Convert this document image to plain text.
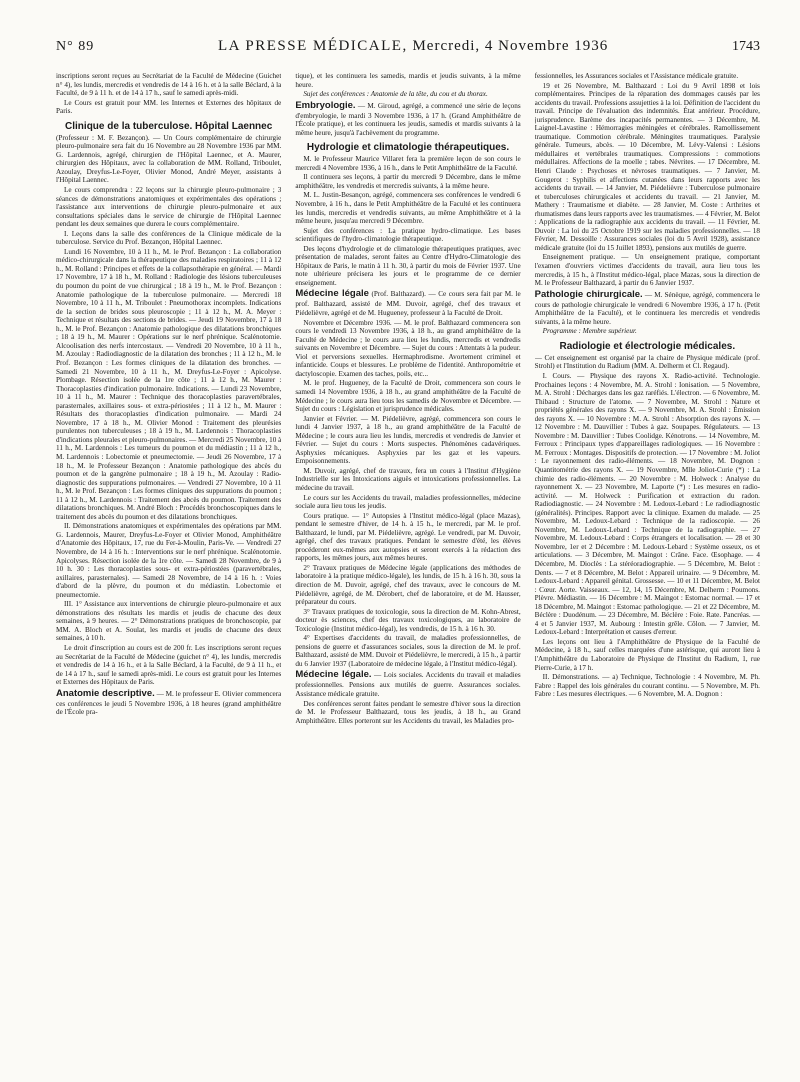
N° 89	LA PRESSE MÉDICALE, Mercredi, 4 Novembre 1936	1743

inscriptions seront reçues au Secrétariat de la Faculté de Médecine (Guichet n° 4), les lundis, mercredis et vendredis de 14 à 16 h. et à la salle Béclard, à la Faculté, de 9 à 11 h. et de 14 à 17 h., sauf le samedi après-midi.

Le Cours est gratuit pour MM. les Internes et Externes des hôpitaux de Paris.

Clinique de la tuberculose. Hôpital Laennec

(Professeur : M. F. Bezançon). — Un Cours complémentaire de chirurgie pleuro-pulmonaire sera fait du 16 Novembre au 28 Novembre 1936 par MM. G. Lardennois, agrégé, chirurgien de l'Hôpital Laennec, et A. Maurer, chirurgien des Hôpitaux, avec la collaboration de MM. Rolland, Triboulet, Azoulay, Dreyfus-Le-Foyer, Olivier Monod, André Meyer, assistants à l'Hôpital Laennec.

Le cours comprendra : 22 leçons sur la chirurgie pleuro-pulmonaire ; 3 séances de démonstrations anatomiques et expérimentales des opérations ; l'assistance aux interventions de chirurgie pleuro-pulmonaire et aux consultations spéciales dans le service de chirurgie de l'Hôpital Laennec pendant les deux semaines que durera le cours complémentaire.

I. Leçons dans la salle des conférences de la Clinique médicale de la tuberculose. Service du Prof. Bezançon, Hôpital Laennec.

Lundi 16 Novembre, 10 à 11 h., M. le Prof. Bezançon : La collaboration médico-chirurgicale dans la thérapeutique des maladies respiratoires ; 11 à 12 h., M. Rolland : Principes et effets de la collapsothérapie en général. — Mardi 17 Novembre, 17 à 18 h., M. Rolland : Radiologie des lésions tuberculeuses du poumon du point de vue chirurgical ; 18 à 19 h., M. le Prof. Bezançon : Anatomie pathologique de la tuberculose pulmonaire. — Mercredi 18 Novembre, 10 à 11 h., M. Triboulet : Pneumothorax incomplets. Indications de la section de brides sous pleuroscopie ; 11 à 12 h., M. A. Meyer : Technique et résultats des sections de brides. — Jeudi 19 Novembre, 17 à 18 h., M. le Prof. Bezançon : Anatomie pathologique des dilatations bronchiques ; 18 à 19 h., M. Maurer : Opérations sur le nerf phrénique. Scalénotomie. Alcoolisation des nerfs intercostaux. — Vendredi 20 Novembre, 10 à 11 h., M. Azoulay : Radiodiagnostic de la dilatation des bronches ; 11 à 12 h., M. le Prof. Bezançon : Les formes cliniques de la dilatation des bronches. — Samedi 21 Novembre, 10 à 11 h., M. Dreyfus-Le-Foyer : Apicolyse. Plombage. Résection isolée de la 1re côte ; 11 à 12 h., M. Maurer : Thoracoplasties d'indication pulmonaire. Indications. — Lundi 23 Novembre, 10 à 11 h., M. Maurer : Technique des thoracoplasties paravertébrales, parasternales, axillaires sous- et extra-périostées ; 11 à 12 h., M. Maurer : Résultats des thoracoplasties d'indication pulmonaire. — Mardi 24 Novembre, 17 à 18 h., M. Olivier Monod : Traitement des pleurésies purulentes non tuberculeuses ; 18 à 19 h., M. Lardennois : Thoracoplasties d'indications pleurales et pleuro-pulmonaires. — Mercredi 25 Novembre, 10 à 11 h., M. Lardennois : Les tumeurs du poumon et du médiastin ; 11 à 12 h., M. Lardennois : Lobectomie et pneumectomie. — Jeudi 26 Novembre, 17 à 18 h., M. le Professeur Bezançon : Anatomie pathologique des abcès du poumon et de la gangrène pulmonaire ; 18 à 19 h., M. Azoulay : Radio-diagnostic des suppurations pulmonaires. — Vendredi 27 Novembre, 10 à 11 h., M. le Prof. Bezançon : Les formes cliniques des suppurations du poumon ; 11 à 12 h., M. Lardennois : Traitement des abcès du poumon. Traitement des dilatations bronchiques. M. André Bloch : Procédés bronchoscopiques dans le traitement des abcès du poumon et des dilatations bronchiques.

II. Démonstrations anatomiques et expérimentales des opérations par MM. G. Lardennois, Maurer, Dreyfus-Le-Foyer et Olivier Monod, Amphithéâtre d'Anatomie des Hôpitaux, 17, rue du Fer-à-Moulin, Paris-Ve. — Vendredi 27 Novembre, de 14 à 16 h. : Interventions sur le nerf phrénique. Scalénotomie. Apicolyses. Résection isolée de la 1re côte. — Samedi 28 Novembre, de 9 à 10 h. 30 : Les thoracoplasties sous- et extra-périostées (paravertébrales, axillaires, parasternales). — Samedi 28 Novembre, de 14 à 16 h. : Voies d'abord de la plèvre, du poumon et du médiastin. Lobectomie et pneumectomie.

III. 1° Assistance aux interventions de chirurgie pleuro-pulmonaire et aux démonstrations des résultats les mardis et jeudis de chacune des deux semaines, à 9 heures. — 2° Démonstrations pratiques de bronchoscopie, par MM. A. Bloch et A. Soulat, les mardis et jeudis de chacune des deux semaines, à 10 h.

Le droit d'inscription au cours est de 200 fr. Les inscriptions seront reçues au Secrétariat de la Faculté de Médecine (guichet n° 4), les lundis, mercredis et vendredis de 14 à 16 h., et à la Salle Béclard, à la Faculté, de 9 à 11 h., et de 14 à 17 h., sauf le samedi après-midi. Le cours est gratuit pour les Internes et Externes des Hôpitaux de Paris.

Anatomie descriptive. — M. le professeur E. Olivier commencera ces conférences le jeudi 5 Novembre 1936, à 18 heures (grand amphithéâtre de l'École pra-

tique), et les continuera les samedis, mardis et jeudis suivants, à la même heure.

Sujet des conférences : Anatomie de la tête, du cou et du thorax.

Embryologie. — M. Giroud, agrégé, a commencé une série de leçons d'embryologie, le mardi 3 Novembre 1936, à 17 h. (Grand Amphithéâtre de l'École pratique), et les continuera les jeudis, samedis et mardis suivants à la même heure, jusqu'à l'achèvement du programme.

Hydrologie et climatologie thérapeutiques.

M. le Professeur Maurice Villaret fera la première leçon de son cours le mercredi 4 Novembre 1936, à 16 h., dans le Petit Amphithéâtre de la Faculté.

Il continuera ses leçons, à partir du mercredi 9 Décembre, dans le même amphithéâtre, les vendredis et mercredis suivants, à la même heure.

M. L. Justin-Besançon, agrégé, commencera ses conférences le vendredi 6 Novembre, à 16 h., dans le Petit Amphithéâtre de la Faculté et les continuera les lundis, mercredis et vendredis suivants, au même Amphithéâtre et à la même heure, jusqu'au mercredi 9 Décembre.

Sujet des conférences : La pratique hydro-climatique. Les bases scientifiques de l'hydro-climatologie thérapeutique.

Des leçons d'hydrologie et de climatologie thérapeutiques pratiques, avec présentation de malades, seront faites au Centre d'Hydro-Climatologie des Hôpitaux de Paris, le matin à 11 h. 30, à partir du mois de Février 1937. Une note ultérieure précisera les jours et le programme de ce dernier enseignement.

Médecine légale (Prof. Balthazard). — Ce cours sera fait par M. le prof. Balthazard, assisté de MM. Duvoir, agrégé, chef des travaux et Piédelièvre, agrégé et de M. Hugueney, professeur à la Faculté de Droit.

Novembre et Décembre 1936. — M. le prof. Balthazard commencera son cours le vendredi 13 Novembre 1936, à 18 h., au grand amphithéâtre de la Faculté de Médecine ; le cours aura lieu les lundis, mercredis et vendredis suivants en Novembre et Décembre. — Sujet du cours : Attentats à la pudeur. Viol et perversions sexuelles. Hermaphrodisme. Avortement criminel et infanticide. Coups et blessures. Le problème de l'identité. Anthropométrie et dactyloscopie. Examen des taches, poils, etc...

M. le prof. Hugueney, de la Faculté de Droit, commencera son cours le samedi 14 Novembre 1936, à 18 h., au grand amphithéâtre de la Faculté de Médecine ; le cours aura lieu tous les samedis de Novembre et Décembre. — Sujet du cours : Législation et jurisprudence médicales.

Janvier et Février. — M. Piédelièvre, agrégé, commencera son cours le lundi 4 Janvier 1937, à 18 h., au grand amphithéâtre de la Faculté de Médecine ; le cours aura lieu les lundis, mercredis et vendredis de Janvier et Février. — Sujet du cours : Morts suspectes. Phénomènes cadavériques. Asphyxies mécaniques. Asphyxies par les gaz et les vapeurs. Empoisonnements.

M. Duvoir, agrégé, chef de travaux, fera un cours à l'Institut d'Hygiène Industrielle sur les Intoxications aiguës et intoxications professionnelles. La médecine du travail.

Le cours sur les Accidents du travail, maladies professionnelles, médecine sociale aura lieu tous les jeudis.

Cours pratique. — 1° Autopsies à l'Institut médico-légal (place Mazas), pendant le semestre d'hiver, de 14 h. à 15 h., le mercredi, par M. le prof. Balthazard, le lundi, par M. Piédelièvre, agrégé. Le vendredi, par M. Duvoir, agrégé, chef des travaux pratiques. Pendant le semestre d'été, les élèves procéderont eux-mêmes aux autopsies et seront exercés à la rédaction des rapports, les mêmes jours, aux mêmes heures.

2° Travaux pratiques de Médecine légale (applications des méthodes de laboratoire à la pratique médico-légale), les lundis, de 15 h. à 16 h. 30, sous la direction de M. Duvoir, agrégé, chef des travaux, avec le concours de M. Piédelièvre, agrégé, de M. Dérobert, chef de laboratoire, et de M. Hausser, préparateur du cours.

3° Travaux pratiques de toxicologie, sous la direction de M. Kohn-Abrest, docteur ès sciences, chef des travaux toxicologiques, au laboratoire de Toxicologie (Institut médico-légal), les vendredis, de 15 h. à 16 h. 30.

4° Expertises d'accidents du travail, de maladies professionnelles, de pensions de guerre et d'assurances sociales, sous la direction de M. le prof. Balthazard, assisté de MM. Duvoir et Piédelièvre, le mercredi, à 15 h., à partir du 6 Janvier 1937 (Laboratoire de médecine légale, à l'Institut médico-légal).

Médecine légale. — Lois sociales. Accidents du travail et maladies professionnelles. Pensions aux mutilés de guerre. Assurances sociales. Assistance médicale gratuite.

Des conférences seront faites pendant le semestre d'hiver sous la direction de M. le Professeur Balthazard, tous les jeudis, à 18 h., au Grand Amphithéâtre. Elles porteront sur les Accidents du travail, les Maladies pro-

fessionnelles, les Assurances sociales et l'Assistance médicale gratuite.

19 et 26 Novembre, M. Balthazard : Loi du 9 Avril 1898 et lois complémentaires. Principes de la réparation des dommages causés par les accidents du travail. Professions assujetties à la loi. Définition de l'accident du travail. Principe de l'évaluation des indemnités. État antérieur. Procédure, jurisprudence. Barème des incapacités permanentes. — 3 Décembre, M. Laignel-Lavastine : Hémorragies méningées et cérébrales. Ramollissement traumatique. Commotion cérébrale. Méningites traumatiques. Paralysie générale. Tumeurs, abcès. — 10 Décembre, M. Lévy-Valensi : Lésions médullaires et vertébrales traumatiques. Compressions : commotions médullaires. Affections de la moelle ; tabes. Névrites. — 17 Décembre, M. Henri Claude : Psychoses et névroses traumatiques. — 7 Janvier, M. Gougerot : Syphilis et affections cutanées dans leurs rapports avec les accidents du travail. — 14 Janvier, M. Piédelièvre : Tuberculose pulmonaire et tuberculoses chirurgicales et accidents du travail. — 21 Janvier, M. Mathery : Traumatisme et diabète. — 28 Janvier, M. Coste : Arthrites et rhumatismes dans leurs rapports avec les traumatismes. — 4 Février, M. Belot : Applications de la radiographie aux accidents du travail. — 11 Février, M. Duvoir : La loi du 25 Octobre 1919 sur les maladies professionnelles. — 18 Février, M. Dessoille : Assurances sociales (loi du 5 Avril 1928), assistance médicale gratuite (loi du 15 Juillet 1893), pensions aux mutilés de guerre.

Enseignement pratique. — Un enseignement pratique, comportant l'examen d'ouvriers victimes d'accidents du travail, aura lieu tous les mercredis, à 15 h., à l'Institut médico-légal, place Mazas, sous la direction de M. le Professeur Balthazard, à partir du 6 Janvier 1937.

Pathologie chirurgicale. — M. Sénèque, agrégé, commencera le cours de pathologie chirurgicale le vendredi 6 Novembre 1936, à 17 h. (Petit Amphithéâtre de la Faculté), et le continuera les mercredis et vendredis suivants, à la même heure.

Programme : Membre supérieur.

Radiologie et électrologie médicales.

— Cet enseignement est organisé par la chaire de Physique médicale (prof. Strohl) et l'Institution du Radium (MM. A. Delherm et Cl. Regaud).

I. Cours. — Physique des rayons X. Radio-activité. Technologie. Prochaines leçons : 4 Novembre, M. A. Strohl : Ionisation. — 5 Novembre, M. A. Strohl : Décharges dans les gaz raréfiés. L'électron. — 6 Novembre, M. Thibaud : Structure de l'atome. — 7 Novembre, M. Strohl : Nature et propriétés générales des rayons X. — 9 Novembre, M. A. Strohl : Émission des rayons X. — 10 Novembre : M. A. Strohl : Absorption des rayons X. — 12 Novembre : M. Dauvillier : Tubes à gaz. Soupapes. Régulateurs. — 13 Novembre : M. Dauvillier : Tubes Coolidge. Kénotrons. — 14 Novembre, M. Ferroux : Principaux types d'appareillages radiologiques. — 16 Novembre : M. Ferroux : Montages. Dispositifs de protection. — 17 Novembre : M. Joliot : Le rayonnement des radio-éléments. — 18 Novembre, M. Dognon : Quantitométrie des rayons X. — 19 Novembre, Mlle Joliot-Curie (*) : La chimie des radio-éléments. — 20 Novembre : M. Holweck : Analyse du rayonnement X. — 23 Novembre, M. Laporte (*) : Les mesures en radio-activité. — M. Holweck : Purification et extraction du radon. Radiodiagnostic. — 24 Novembre : M. Ledoux-Lebard : Le radiodiagnostic (généralités). Principes. Rapport avec la clinique. Examen du malade. — 25 Novembre, M. Ledoux-Lebard : Technique de la radioscopie. — 26 Novembre, M. Ledoux-Lebard : Technique de la radiographie. — 27 Novembre, M. Ledoux-Lebard : Corps étrangers et localisation. — 28 et 30 Novembre, 1er et 2 Décembre : M. Ledoux-Lebard : Système osseux, os et articulations. — 3 Décembre, M. Maingot : Crâne. Face. Œsophage. — 4 Décembre, M. Dioclès : La stéréoradiographie. — 5 Décembre, M. Belot : Dents. — 7 et 8 Décembre, M. Belot : Appareil urinaire. — 9 Décembre, M. Ledoux-Lebard : Appareil génital. Grossesse. — 10 et 11 Décembre, M. Belot : Cœur. Aorte. Vaisseaux. — 12, 14, 15 Décembre, M. Delherm : Poumons. Plèvre. Médiastin. — 16 Décembre : M. Maingot : Estomac normal. — 17 et 18 Décembre, M. Maingot : Estomac pathologique. — 21 et 22 Décembre, M. Béclère : Duodénum. — 23 Décembre, M. Béclère : Foie. Rate. Pancréas. — 4 et 5 Janvier 1937, M. Aubourg : Intestin grêle. Côlon. — 7 Janvier, M. Ledoux-Lebard : Interprétation et causes d'erreur.

Les leçons ont lieu à l'Amphithéâtre de Physique de la Faculté de Médecine, à 18 h., sauf celles marquées d'une astérisque, qui auront lieu à l'Amphithéâtre du Laboratoire de Physique de l'Institut du Radium, 1, rue Pierre-Curie, à 17 h.

II. Démonstrations. — a) Technique, Technologie : 4 Novembre, M. Ph. Fabre : Rappel des lois générales du courant continu. — 5 Novembre, M. Ph. Fabre : Les mesures électriques. — 6 Novembre, M. A. Dognon :
